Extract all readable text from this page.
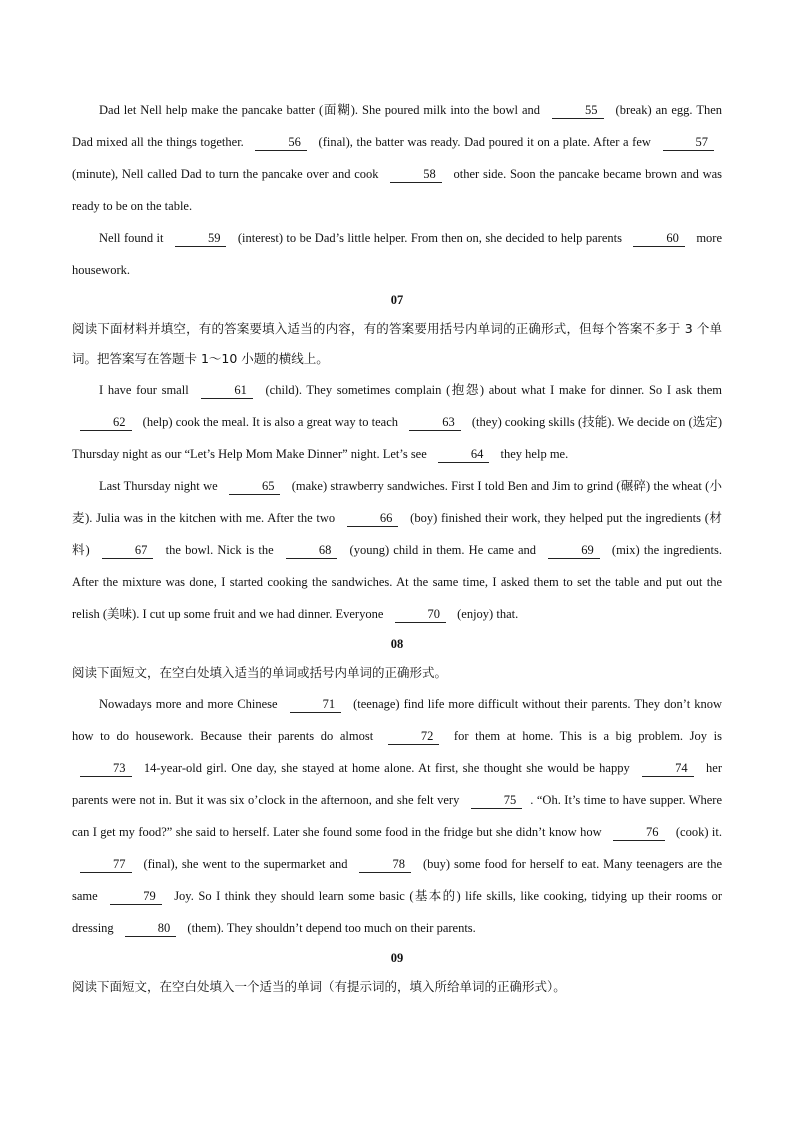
Dad let Nell help make the pancake batter (面糊). She poured milk into the bowl and	55 (break) an egg. Then Dad mixed all the things together.	56 (final), the batter was ready. Dad poured it on a plate. After a few	57 (minute), Nell called Dad to turn the pancake over and cook	58 other side. Soon the pancake became brown and was ready to be on the table.

Nell found it	59 (interest) to be Dad’s little helper. From then on, she decided to help parents	60 more housework.

07

阅读下面材料并填空，有的答案要填入适当的内容，有的答案要用括号内单词的正确形式，但每个答案不多于 3 个单词。把答案写在答题卡 1～10 小题的横线上。

I have four small	61 (child). They sometimes complain (抱怨) about what I make for dinner. So I ask them 62 (help) cook the meal. It is also a great way to teach	63 (they) cooking skills (技能). We decide on (选定) Thursday night as our “Let’s Help Mom Make Dinner” night. Let’s see	64 they help me.

Last Thursday night we	65 (make) strawberry sandwiches. First I told Ben and Jim to grind (碾碎) the wheat (小麦). Julia was in the kitchen with me. After the two	66 (boy) finished their work, they helped put the ingredients (材料)	67 the bowl. Nick is the	68 (young) child in them. He came and	69 (mix) the ingredients. After the mixture was done, I started cooking the sandwiches. At the same time, I asked them to set the table and put out the relish (美味). I cut up some fruit and we had dinner. Everyone	70 (enjoy) that.

08

阅读下面短文，在空白处填入适当的单词或括号内单词的正确形式。

Nowadays more and more Chinese	71 (teenage) find life more difficult without their parents. They don’t know how to do housework. Because their parents do almost	72 for them at home. This is a big problem. Joy is 73 14-year-old girl. One day, she stayed at home alone. At first, she thought she would be happy	74 her parents were not in. But it was six o’clock in the afternoon, and she felt very	75 . “Oh. It’s time to have supper. Where can I get my food?” she said to herself. Later she found some food in the fridge but she didn’t know how	76 (cook) it. 77 (final), she went to the supermarket and	78 (buy) some food for herself to eat. Many teenagers are the same	79 Joy. So I think they should learn some basic (基本的) life skills, like cooking, tidying up their rooms or dressing	80 (them). They shouldn’t depend too much on their parents.

09

阅读下面短文，在空白处填入一个适当的单词（有提示词的，填入所给单词的正确形式）。
